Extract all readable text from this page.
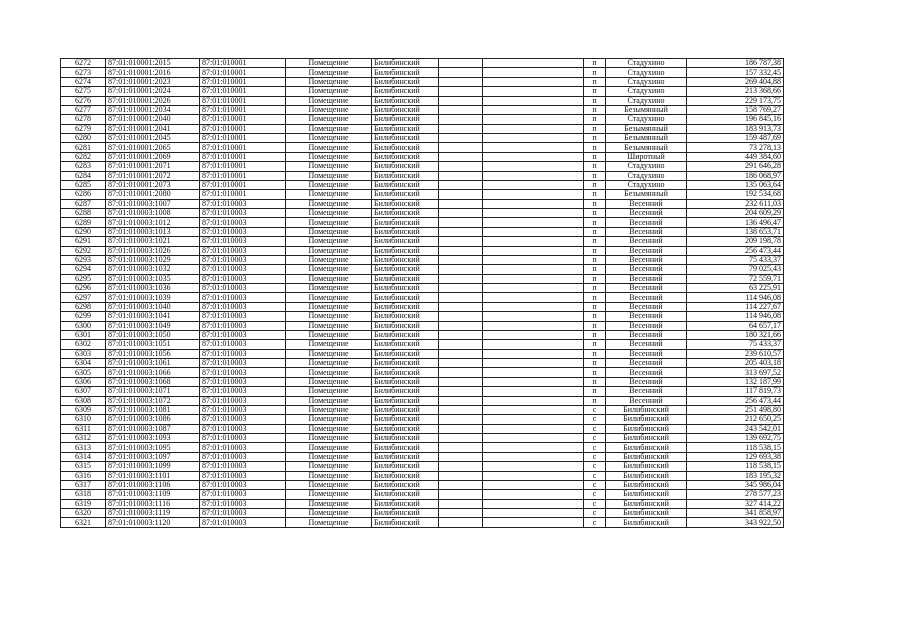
6272	87:01:010001:2015	87:01:010001	Помещение	Билибинский			п	Стадухино	186 787,38
6273	87:01:010001:2016	87:01:010001	Помещение	Билибинский			п	Стадухино	157 332,45
6274	87:01:010001:2023	87:01:010001	Помещение	Билибинский			п	Стадухино	269 404,88
6275	87:01:010001:2024	87:01:010001	Помещение	Билибинский			п	Стадухино	213 368,66
6276	87:01:010001:2026	87:01:010001	Помещение	Билибинский			п	Стадухино	229 173,75
6277	87:01:010001:2034	87:01:010001	Помещение	Билибинский			п	Безымянный	158 769,27
6278	87:01:010001:2040	87:01:010001	Помещение	Билибинский			п	Стадухино	196 845,16
6279	87:01:010001:2041	87:01:010001	Помещение	Билибинский			п	Безымянный	183 913,73
6280	87:01:010001:2045	87:01:010001	Помещение	Билибинский			п	Безымянный	159 487,69
6281	87:01:010001:2065	87:01:010001	Помещение	Билибинский			п	Безымянный	73 278,13
6282	87:01:010001:2069	87:01:010001	Помещение	Билибинский			п	Широтный	449 384,60
6283	87:01:010001:2071	87:01:010001	Помещение	Билибинский			п	Стадухино	291 646,28
6284	87:01:010001:2072	87:01:010001	Помещение	Билибинский			п	Стадухино	186 068,97
6285	87:01:010001:2073	87:01:010001	Помещение	Билибинский			п	Стадухино	135 063,64
6286	87:01:010001:2080	87:01:010001	Помещение	Билибинский			п	Безымянный	192 534,68
6287	87:01:010003:1007	87:01:010003	Помещение	Билибинский			п	Весенний	232 611,03
6288	87:01:010003:1008	87:01:010003	Помещение	Билибинский			п	Весенний	204 609,29
6289	87:01:010003:1012	87:01:010003	Помещение	Билибинский			п	Весенний	136 496,47
6290	87:01:010003:1013	87:01:010003	Помещение	Билибинский			п	Весенний	138 653,71
6291	87:01:010003:1021	87:01:010003	Помещение	Билибинский			п	Весенний	209 198,78
6292	87:01:010003:1026	87:01:010003	Помещение	Билибинский			п	Весенний	256 473,44
6293	87:01:010003:1029	87:01:010003	Помещение	Билибинский			п	Весенний	75 433,37
6294	87:01:010003:1032	87:01:010003	Помещение	Билибинский			п	Весенний	79 025,43
6295	87:01:010003:1035	87:01:010003	Помещение	Билибинский			п	Весенний	72 559,71
6296	87:01:010003:1036	87:01:010003	Помещение	Билибинский			п	Весенний	63 225,91
6297	87:01:010003:1039	87:01:010003	Помещение	Билибинский			п	Весенний	114 946,08
6298	87:01:010003:1040	87:01:010003	Помещение	Билибинский			п	Весенний	114 227,67
6299	87:01:010003:1041	87:01:010003	Помещение	Билибинский			п	Весенний	114 946,08
6300	87:01:010003:1049	87:01:010003	Помещение	Билибинский			п	Весенний	64 657,17
6301	87:01:010003:1050	87:01:010003	Помещение	Билибинский			п	Весенний	180 321,66
6302	87:01:010003:1051	87:01:010003	Помещение	Билибинский			п	Весенний	75 433,37
6303	87:01:010003:1056	87:01:010003	Помещение	Билибинский			п	Весенний	239 610,57
6304	87:01:010003:1061	87:01:010003	Помещение	Билибинский			п	Весенний	205 403,18
6305	87:01:010003:1066	87:01:010003	Помещение	Билибинский			п	Весенний	313 697,52
6306	87:01:010003:1068	87:01:010003	Помещение	Билибинский			п	Весенний	132 187,99
6307	87:01:010003:1071	87:01:010003	Помещение	Билибинский			п	Весенний	117 819,73
6308	87:01:010003:1072	87:01:010003	Помещение	Билибинский			п	Весенний	256 473,44
6309	87:01:010003:1081	87:01:010003	Помещение	Билибинский			с	Билибинский	251 498,80
6310	87:01:010003:1086	87:01:010003	Помещение	Билибинский			с	Билибинский	212 650,25
6311	87:01:010003:1087	87:01:010003	Помещение	Билибинский			с	Билибинский	243 542,01
6312	87:01:010003:1093	87:01:010003	Помещение	Билибинский			с	Билибинский	139 692,75
6313	87:01:010003:1095	87:01:010003	Помещение	Билибинский			с	Билибинский	118 538,15
6314	87:01:010003:1097	87:01:010003	Помещение	Билибинский			с	Билибинский	129 693,38
6315	87:01:010003:1099	87:01:010003	Помещение	Билибинский			с	Билибинский	118 538,15
6316	87:01:010003:1101	87:01:010003	Помещение	Билибинский			с	Билибинский	183 195,32
6317	87:01:010003:1106	87:01:010003	Помещение	Билибинский			с	Билибинский	345 986,04
6318	87:01:010003:1109	87:01:010003	Помещение	Билибинский			с	Билибинский	278 577,23
6319	87:01:010003:1116	87:01:010003	Помещение	Билибинский			с	Билибинский	327 414,22
6320	87:01:010003:1119	87:01:010003	Помещение	Билибинский			с	Билибинский	341 858,97
6321	87:01:010003:1120	87:01:010003	Помещение	Билибинский			с	Билибинский	343 922,50
